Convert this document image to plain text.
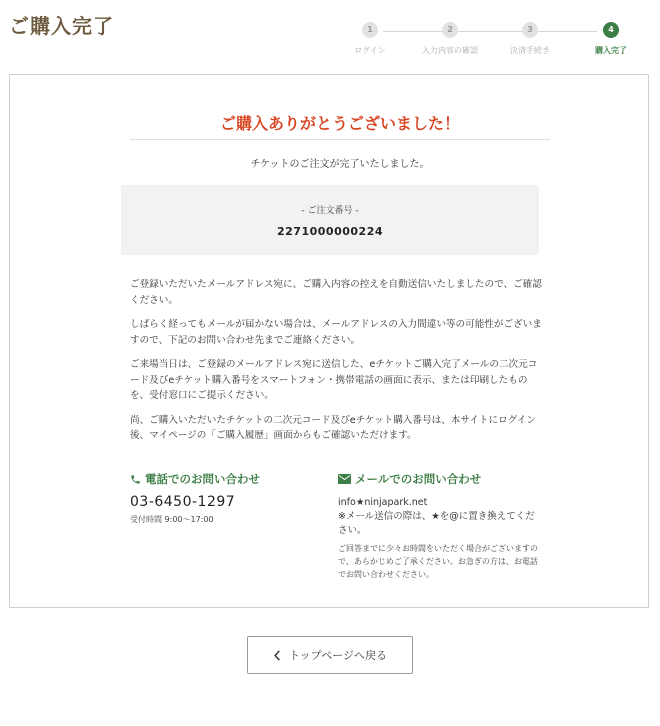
ご購入完了	1
ログイン
2
入力内容の確認
3
決済手続き
4
購入完了
ご購入ありがとうございました！
チケットのご注文が完了いたしました。
- ご注文番号 -
2271000000224

ご登録いただいたメールアドレス宛に、ご購入内容の控えを自動送信いたしましたので、ご確認ください。

しばらく経ってもメールが届かない場合は、メールアドレスの入力間違い等の可能性がございますので、下記のお問い合わせ先までご連絡ください。

ご来場当日は、ご登録のメールアドレス宛に送信した、eチケットご購入完了メールの二次元コード及びeチケット購入番号をスマートフォン・携帯電話の画面に表示、または印刷したものを、受付窓口にご提示ください。

尚、ご購入いただいたチケットの二次元コード及びeチケット購入番号は、本サイトにログイン後、マイページの「ご購入履歴」画面からもご確認いただけます。

電話でのお問い合わせ
03-6450-1297
受付時間 9:00～17:00
メールでのお問い合わせ
info★ninjapark.net
※メール送信の際は、★を@に置き換えてください。
ご回答までに少々お時間をいただく場合がございますので、あらかじめご了承ください。お急ぎの方は、お電話でお問い合わせください。
トップページへ戻る
